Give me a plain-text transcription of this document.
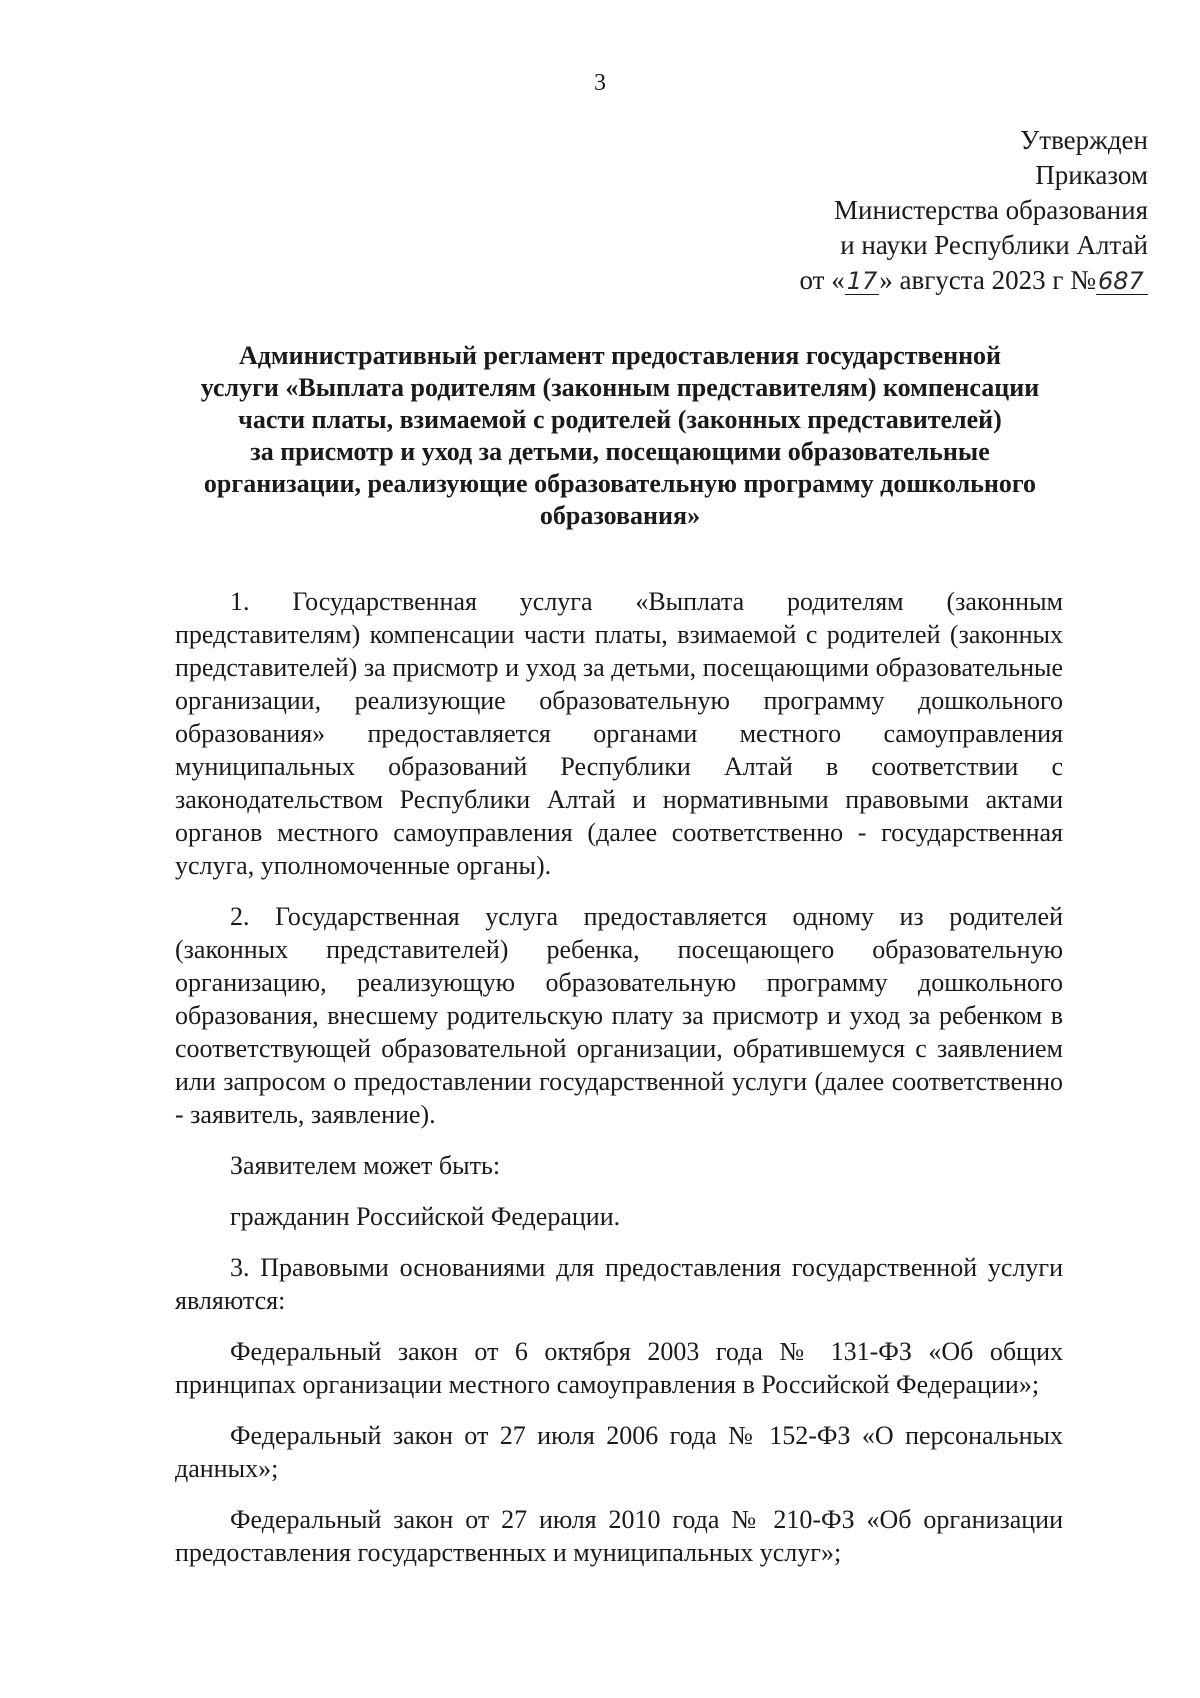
3
Утвержден
Приказом
Министерства образования
и науки Республики Алтай
от «17» августа 2023 г №687
Административный регламент предоставления государственной
услуги «Выплата родителям (законным представителям) компенсации
части платы, взимаемой с родителей (законных представителей)
за присмотр и уход за детьми, посещающими образовательные
организации, реализующие образовательную программу дошкольного
образования»

1. Государственная услуга «Выплата родителям (законным представителям) компенсации части платы, взимаемой с родителей (законных представителей) за присмотр и уход за детьми, посещающими образовательные организации, реализующие образовательную программу дошкольного образования» предоставляется органами местного самоуправления муниципальных образований Республики Алтай в соответствии с законодательством Республики Алтай и нормативными правовыми актами органов местного самоуправления (далее соответственно - государственная услуга, уполномоченные органы).

2. Государственная услуга предоставляется одному из родителей (законных представителей) ребенка, посещающего образовательную организацию, реализующую образовательную программу дошкольного образования, внесшему родительскую плату за присмотр и уход за ребенком в соответствующей образовательной организации, обратившемуся с заявлением или запросом о предоставлении государственной услуги (далее соответственно - заявитель, заявление).

Заявителем может быть:

гражданин Российской Федерации.

3. Правовыми основаниями для предоставления государственной услуги являются:

Федеральный закон от 6 октября 2003 года № 131-ФЗ «Об общих принципах организации местного самоуправления в Российской Федерации»;

Федеральный закон от 27 июля 2006 года № 152-ФЗ «О персональных данных»;

Федеральный закон от 27 июля 2010 года № 210-ФЗ «Об организации предоставления государственных и муниципальных услуг»;
